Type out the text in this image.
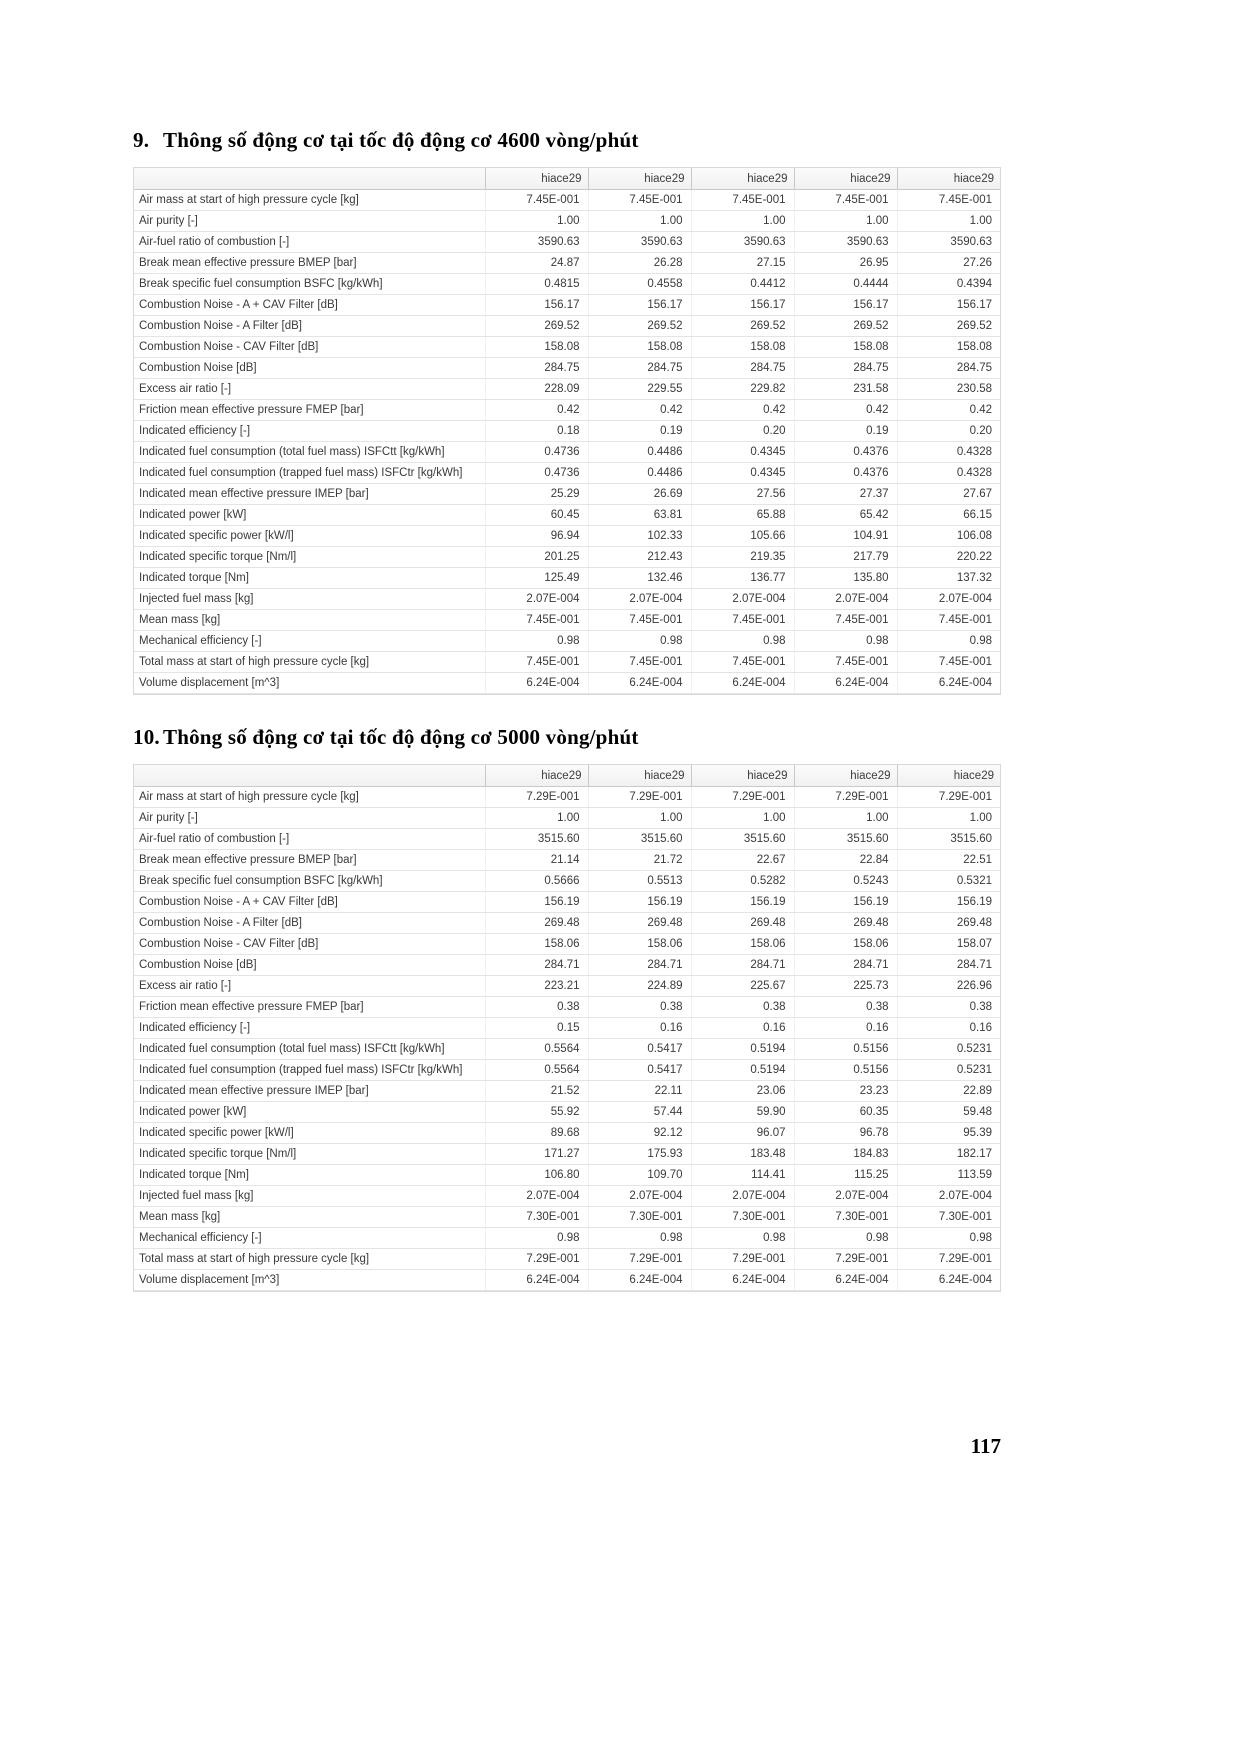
9. Thông số động cơ tại tốc độ động cơ 4600 vòng/phút
	hiace29	hiace29	hiace29	hiace29	hiace29
Air mass at start of high pressure cycle [kg]	7.45E-001	7.45E-001	7.45E-001	7.45E-001	7.45E-001
Air purity [-]	1.00	1.00	1.00	1.00	1.00
Air-fuel ratio of combustion [-]	3590.63	3590.63	3590.63	3590.63	3590.63
Break mean effective pressure BMEP [bar]	24.87	26.28	27.15	26.95	27.26
Break specific fuel consumption BSFC [kg/kWh]	0.4815	0.4558	0.4412	0.4444	0.4394
Combustion Noise - A + CAV Filter [dB]	156.17	156.17	156.17	156.17	156.17
Combustion Noise - A Filter [dB]	269.52	269.52	269.52	269.52	269.52
Combustion Noise - CAV Filter [dB]	158.08	158.08	158.08	158.08	158.08
Combustion Noise [dB]	284.75	284.75	284.75	284.75	284.75
Excess air ratio [-]	228.09	229.55	229.82	231.58	230.58
Friction mean effective pressure FMEP [bar]	0.42	0.42	0.42	0.42	0.42
Indicated efficiency [-]	0.18	0.19	0.20	0.19	0.20
Indicated fuel consumption (total fuel mass) ISFCtt [kg/kWh]	0.4736	0.4486	0.4345	0.4376	0.4328
Indicated fuel consumption (trapped fuel mass) ISFCtr [kg/kWh]	0.4736	0.4486	0.4345	0.4376	0.4328
Indicated mean effective pressure IMEP [bar]	25.29	26.69	27.56	27.37	27.67
Indicated power [kW]	60.45	63.81	65.88	65.42	66.15
Indicated specific power [kW/l]	96.94	102.33	105.66	104.91	106.08
Indicated specific torque [Nm/l]	201.25	212.43	219.35	217.79	220.22
Indicated torque [Nm]	125.49	132.46	136.77	135.80	137.32
Injected fuel mass [kg]	2.07E-004	2.07E-004	2.07E-004	2.07E-004	2.07E-004
Mean mass [kg]	7.45E-001	7.45E-001	7.45E-001	7.45E-001	7.45E-001
Mechanical efficiency [-]	0.98	0.98	0.98	0.98	0.98
Total mass at start of high pressure cycle [kg]	7.45E-001	7.45E-001	7.45E-001	7.45E-001	7.45E-001
Volume displacement [m^3]	6.24E-004	6.24E-004	6.24E-004	6.24E-004	6.24E-004
10. Thông số động cơ tại tốc độ động cơ 5000 vòng/phút
	hiace29	hiace29	hiace29	hiace29	hiace29
Air mass at start of high pressure cycle [kg]	7.29E-001	7.29E-001	7.29E-001	7.29E-001	7.29E-001
Air purity [-]	1.00	1.00	1.00	1.00	1.00
Air-fuel ratio of combustion [-]	3515.60	3515.60	3515.60	3515.60	3515.60
Break mean effective pressure BMEP [bar]	21.14	21.72	22.67	22.84	22.51
Break specific fuel consumption BSFC [kg/kWh]	0.5666	0.5513	0.5282	0.5243	0.5321
Combustion Noise - A + CAV Filter [dB]	156.19	156.19	156.19	156.19	156.19
Combustion Noise - A Filter [dB]	269.48	269.48	269.48	269.48	269.48
Combustion Noise - CAV Filter [dB]	158.06	158.06	158.06	158.06	158.07
Combustion Noise [dB]	284.71	284.71	284.71	284.71	284.71
Excess air ratio [-]	223.21	224.89	225.67	225.73	226.96
Friction mean effective pressure FMEP [bar]	0.38	0.38	0.38	0.38	0.38
Indicated efficiency [-]	0.15	0.16	0.16	0.16	0.16
Indicated fuel consumption (total fuel mass) ISFCtt [kg/kWh]	0.5564	0.5417	0.5194	0.5156	0.5231
Indicated fuel consumption (trapped fuel mass) ISFCtr [kg/kWh]	0.5564	0.5417	0.5194	0.5156	0.5231
Indicated mean effective pressure IMEP [bar]	21.52	22.11	23.06	23.23	22.89
Indicated power [kW]	55.92	57.44	59.90	60.35	59.48
Indicated specific power [kW/l]	89.68	92.12	96.07	96.78	95.39
Indicated specific torque [Nm/l]	171.27	175.93	183.48	184.83	182.17
Indicated torque [Nm]	106.80	109.70	114.41	115.25	113.59
Injected fuel mass [kg]	2.07E-004	2.07E-004	2.07E-004	2.07E-004	2.07E-004
Mean mass [kg]	7.30E-001	7.30E-001	7.30E-001	7.30E-001	7.30E-001
Mechanical efficiency [-]	0.98	0.98	0.98	0.98	0.98
Total mass at start of high pressure cycle [kg]	7.29E-001	7.29E-001	7.29E-001	7.29E-001	7.29E-001
Volume displacement [m^3]	6.24E-004	6.24E-004	6.24E-004	6.24E-004	6.24E-004
117
